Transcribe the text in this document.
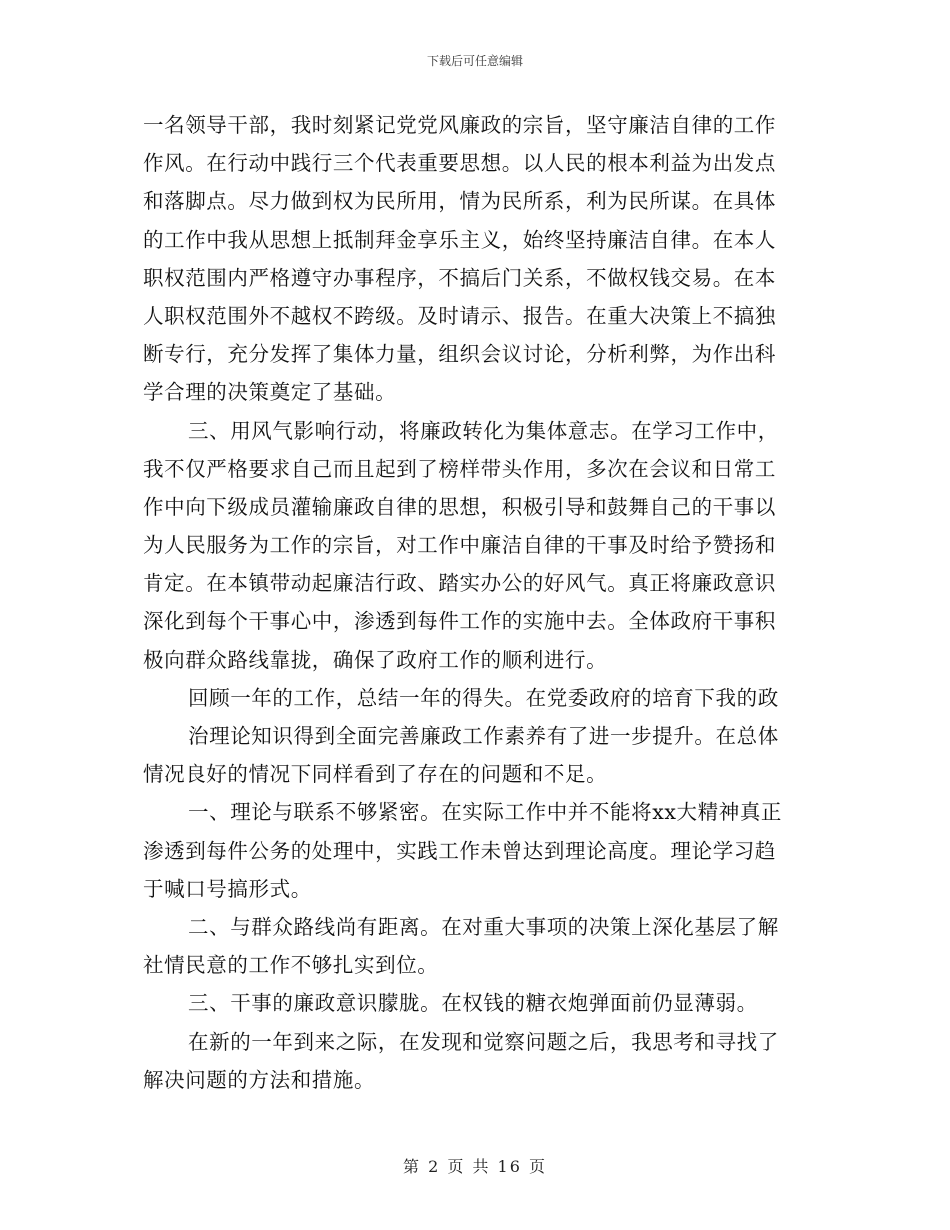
下载后可任意编辑
一名领导干部，我时刻紧记党党风廉政的宗旨，坚守廉洁自律的工作
作风。在行动中践行三个代表重要思想。以人民的根本利益为出发点
和落脚点。尽力做到权为民所用，情为民所系，利为民所谋。在具体
的工作中我从思想上抵制拜金享乐主义，始终坚持廉洁自律。在本人
职权范围内严格遵守办事程序，不搞后门关系，不做权钱交易。在本
人职权范围外不越权不跨级。及时请示、报告。在重大决策上不搞独
断专行，充分发挥了集体力量，组织会议讨论，分析利弊，为作出科
学合理的决策奠定了基础。
三、用风气影响行动，将廉政转化为集体意志。在学习工作中，
我不仅严格要求自己而且起到了榜样带头作用，多次在会议和日常工
作中向下级成员灌输廉政自律的思想，积极引导和鼓舞自己的干事以
为人民服务为工作的宗旨，对工作中廉洁自律的干事及时给予赞扬和
肯定。在本镇带动起廉洁行政、踏实办公的好风气。真正将廉政意识
深化到每个干事心中，渗透到每件工作的实施中去。全体政府干事积
极向群众路线靠拢，确保了政府工作的顺利进行。
回顾一年的工作，总结一年的得失。在党委政府的培育下我的政
治理论知识得到全面完善廉政工作素养有了进一步提升。在总体
情况良好的情况下同样看到了存在的问题和不足。
一、理论与联系不够紧密。在实际工作中并不能将xx大精神真正
渗透到每件公务的处理中，实践工作未曾达到理论高度。理论学习趋
于喊口号搞形式。
二、与群众路线尚有距离。在对重大事项的决策上深化基层了解
社情民意的工作不够扎实到位。
三、干事的廉政意识朦胧。在权钱的糖衣炮弹面前仍显薄弱。
在新的一年到来之际，在发现和觉察问题之后，我思考和寻找了
解决问题的方法和措施。
第 2 页 共 16 页
